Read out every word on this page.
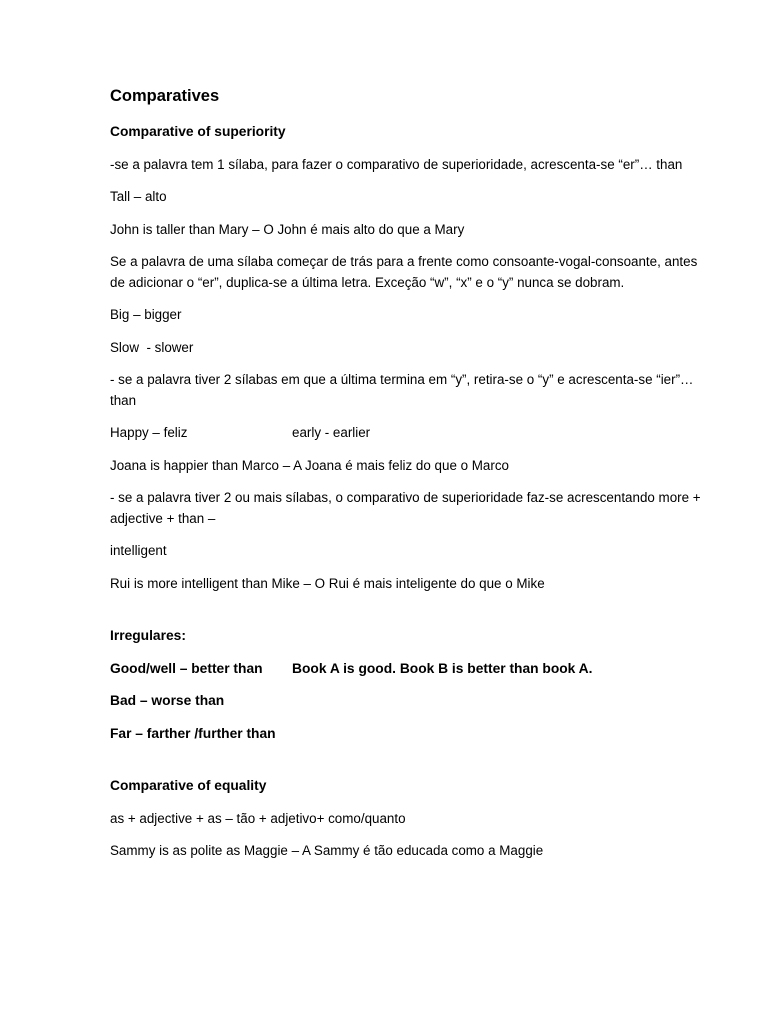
Comparatives
Comparative of superiority

-se a palavra tem 1 sílaba, para fazer o comparativo de superioridade, acrescenta-se “er”… than

Tall – alto

John is taller than Mary – O John é mais alto do que a Mary

Se a palavra de uma sílaba começar de trás para a frente como consoante-vogal-consoante, antes de adicionar o “er”, duplica-se a última letra. Exceção “w”, “x” e o “y” nunca se dobram.

Big – bigger

Slow  - slower

- se a palavra tiver 2 sílabas em que a última termina em “y”, retira-se o “y” e acrescenta-se “ier”…than

Happy – feliz	early - earlier

Joana is happier than Marco – A Joana é mais feliz do que o Marco

- se a palavra tiver 2 ou mais sílabas, o comparativo de superioridade faz-se acrescentando more + adjective + than –

intelligent

Rui is more intelligent than Mike – O Rui é mais inteligente do que o Mike

Irregulares:

Good/well – better than	Book A is good. Book B is better than book A.

Bad – worse than

Far – farther /further than

Comparative of equality

as + adjective + as – tão + adjetivo+ como/quanto

Sammy is as polite as Maggie – A Sammy é tão educada como a Maggie
